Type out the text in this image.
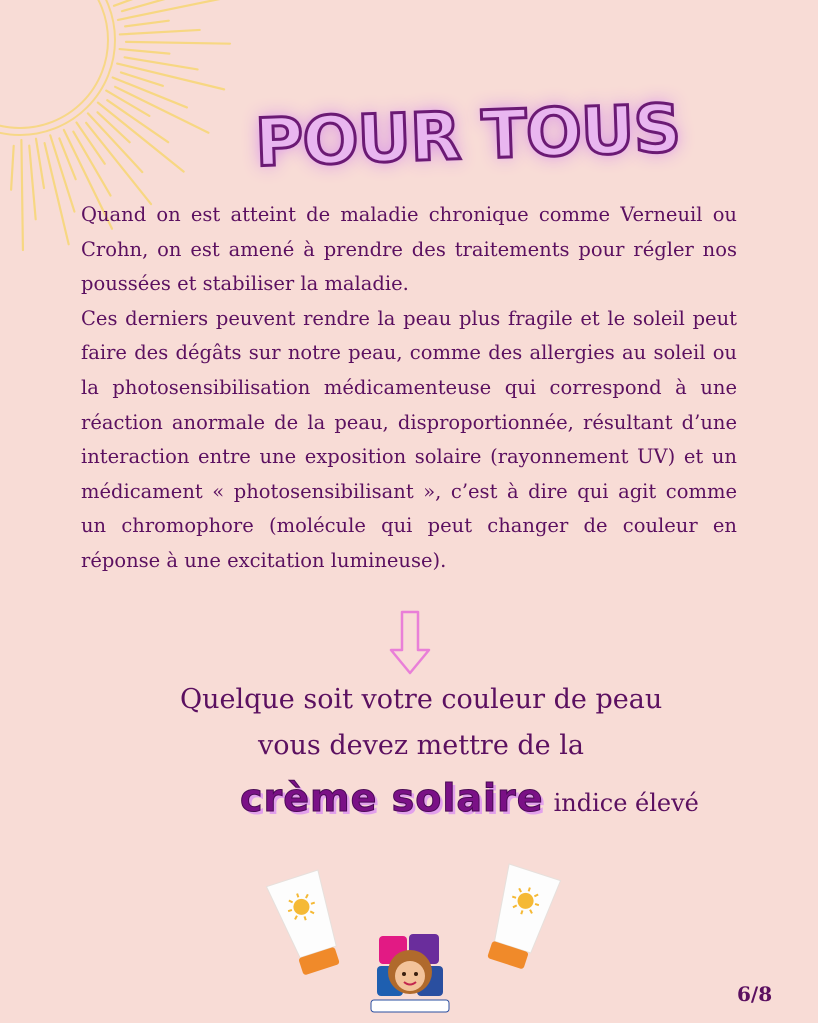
POUR TOUS

Quand on est atteint de maladie chronique comme Verneuil ou Crohn, on est amené à prendre des traitements pour régler nos poussées et stabiliser la maladie.

Ces derniers peuvent rendre la peau plus fragile et le soleil peut faire des dégâts sur notre peau, comme des allergies au soleil ou la photosensibilisation médicamenteuse qui correspond à une réaction anormale de la peau, disproportionnée, résultant d’une interaction entre une exposition solaire (rayonnement UV) et un médicament « photosensibilisant », c’est à dire qui agit comme un chromophore (molécule qui peut changer de couleur en réponse à une excitation lumineuse).

Quelque soit votre couleur de peau
vous devez mettre de la
crème solaire indice élevé
6/8
